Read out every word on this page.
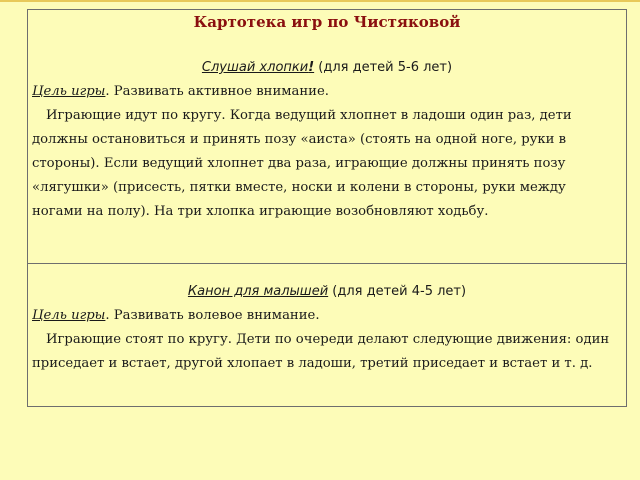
Картотека игр по Чистяковой
Слушай хлопки! (для детей 5-6 лет)
Цель игры. Развивать активное внимание.
Играющие идут по кругу. Когда ведущий хлопнет в ладоши один раз, дети должны остановиться и принять позу «аиста» (стоять на одной ноге, руки в стороны). Если ведущий хлопнет два раза, играющие должны принять позу «лягушки» (присесть, пятки вместе, носки и колени в стороны, руки между ногами на полу). На три хлопка играющие возобновляют ходьбу.
Канон для малышей (для детей 4-5 лет)
Цель игры. Развивать волевое внимание.
Играющие стоят по кругу. Дети по очереди делают следующие движения: один приседает и встает, другой хлопает в ладоши, третий приседает и встает и т. д.
